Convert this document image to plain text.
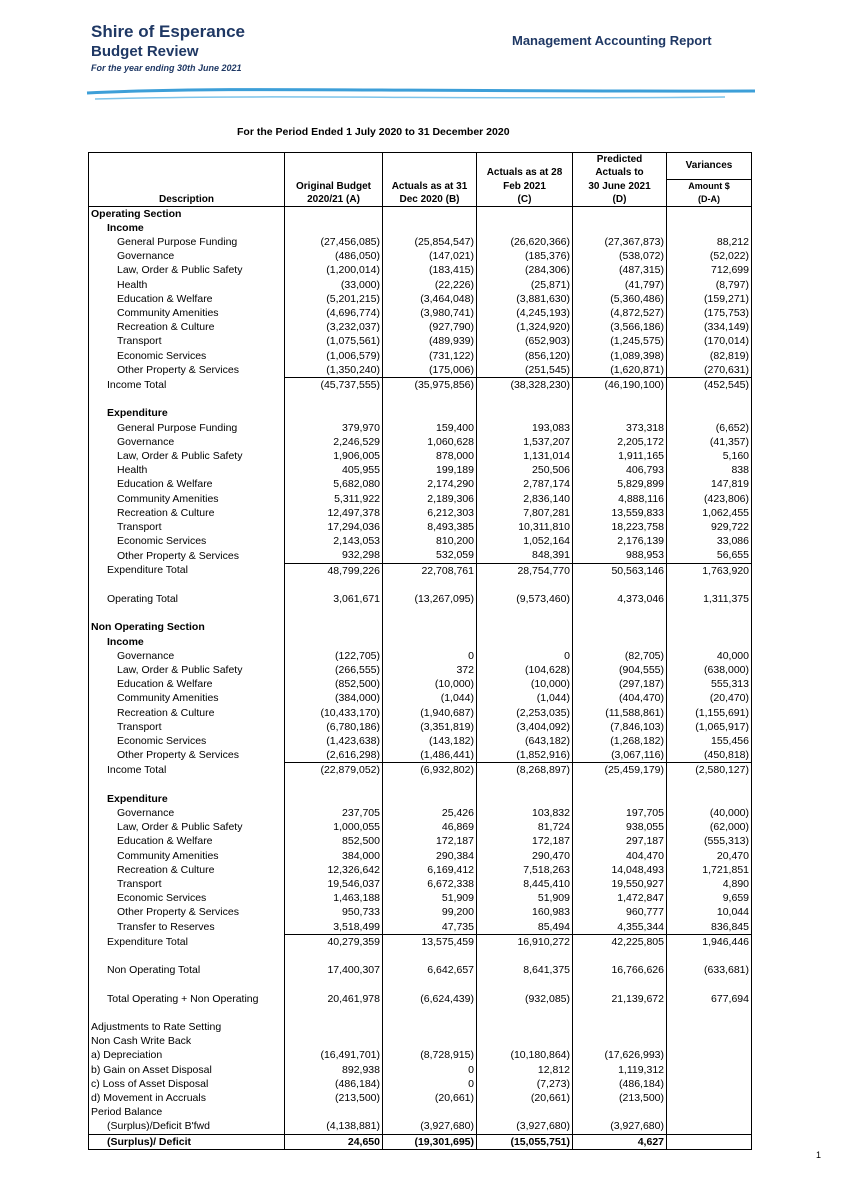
Shire of Esperance
Budget Review
For the year ending 30th June 2021
Management Accounting Report
For the Period Ended 1 July 2020 to 31 December 2020
				Predicted	Variances
			Actuals as at 28	Actuals to	
	Original Budget	Actuals as at 31	Feb 2021	30 June 2021	Amount $
Description	2020/21 (A)	Dec 2020 (B)	(C)	(D)	(D-A)
Operating Section					
Income					
General Purpose Funding	(27,456,085)	(25,854,547)	(26,620,366)	(27,367,873)	88,212
Governance	(486,050)	(147,021)	(185,376)	(538,072)	(52,022)
Law, Order & Public Safety	(1,200,014)	(183,415)	(284,306)	(487,315)	712,699
Health	(33,000)	(22,226)	(25,871)	(41,797)	(8,797)
Education & Welfare	(5,201,215)	(3,464,048)	(3,881,630)	(5,360,486)	(159,271)
Community Amenities	(4,696,774)	(3,980,741)	(4,245,193)	(4,872,527)	(175,753)
Recreation & Culture	(3,232,037)	(927,790)	(1,324,920)	(3,566,186)	(334,149)
Transport	(1,075,561)	(489,939)	(652,903)	(1,245,575)	(170,014)
Economic Services	(1,006,579)	(731,122)	(856,120)	(1,089,398)	(82,819)
Other Property & Services	(1,350,240)	(175,006)	(251,545)	(1,620,871)	(270,631)
Income Total	(45,737,555)	(35,975,856)	(38,328,230)	(46,190,100)	(452,545)

Expenditure					
General Purpose Funding	379,970	159,400	193,083	373,318	(6,652)
Governance	2,246,529	1,060,628	1,537,207	2,205,172	(41,357)
Law, Order & Public Safety	1,906,005	878,000	1,131,014	1,911,165	5,160
Health	405,955	199,189	250,506	406,793	838
Education & Welfare	5,682,080	2,174,290	2,787,174	5,829,899	147,819
Community Amenities	5,311,922	2,189,306	2,836,140	4,888,116	(423,806)
Recreation & Culture	12,497,378	6,212,303	7,807,281	13,559,833	1,062,455
Transport	17,294,036	8,493,385	10,311,810	18,223,758	929,722
Economic Services	2,143,053	810,200	1,052,164	2,176,139	33,086
Other Property & Services	932,298	532,059	848,391	988,953	56,655
Expenditure Total	48,799,226	22,708,761	28,754,770	50,563,146	1,763,920

Operating Total	3,061,671	(13,267,095)	(9,573,460)	4,373,046	1,311,375

Non Operating Section					
Income					
Governance	(122,705)	0	0	(82,705)	40,000
Law, Order & Public Safety	(266,555)	372	(104,628)	(904,555)	(638,000)
Education & Welfare	(852,500)	(10,000)	(10,000)	(297,187)	555,313
Community Amenities	(384,000)	(1,044)	(1,044)	(404,470)	(20,470)
Recreation & Culture	(10,433,170)	(1,940,687)	(2,253,035)	(11,588,861)	(1,155,691)
Transport	(6,780,186)	(3,351,819)	(3,404,092)	(7,846,103)	(1,065,917)
Economic Services	(1,423,638)	(143,182)	(643,182)	(1,268,182)	155,456
Other Property & Services	(2,616,298)	(1,486,441)	(1,852,916)	(3,067,116)	(450,818)
Income Total	(22,879,052)	(6,932,802)	(8,268,897)	(25,459,179)	(2,580,127)

Expenditure					
Governance	237,705	25,426	103,832	197,705	(40,000)
Law, Order & Public Safety	1,000,055	46,869	81,724	938,055	(62,000)
Education & Welfare	852,500	172,187	172,187	297,187	(555,313)
Community Amenities	384,000	290,384	290,470	404,470	20,470
Recreation & Culture	12,326,642	6,169,412	7,518,263	14,048,493	1,721,851
Transport	19,546,037	6,672,338	8,445,410	19,550,927	4,890
Economic Services	1,463,188	51,909	51,909	1,472,847	9,659
Other Property & Services	950,733	99,200	160,983	960,777	10,044
Transfer to Reserves	3,518,499	47,735	85,494	4,355,344	836,845
Expenditure Total	40,279,359	13,575,459	16,910,272	42,225,805	1,946,446

Non Operating Total	17,400,307	6,642,657	8,641,375	16,766,626	(633,681)

Total Operating + Non Operating	20,461,978	(6,624,439)	(932,085)	21,139,672	677,694

Adjustments to Rate Setting					
Non Cash Write Back					
a) Depreciation	(16,491,701)	(8,728,915)	(10,180,864)	(17,626,993)	
b) Gain on Asset Disposal	892,938	0	12,812	1,119,312	
c) Loss of Asset Disposal	(486,184)	0	(7,273)	(486,184)	
d) Movement in Accruals	(213,500)	(20,661)	(20,661)	(213,500)	
Period Balance					
(Surplus)/Deficit B'fwd	(4,138,881)	(3,927,680)	(3,927,680)	(3,927,680)	
(Surplus)/ Deficit	24,650	(19,301,695)	(15,055,751)	4,627	
1
